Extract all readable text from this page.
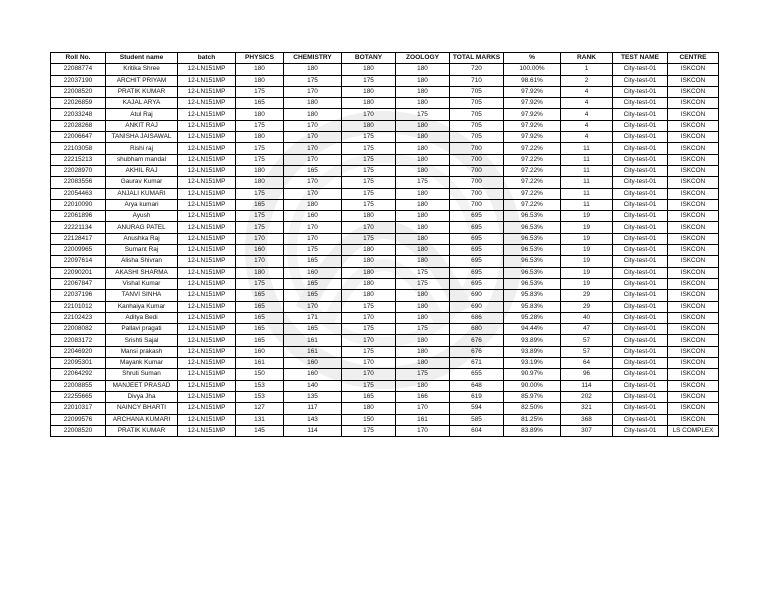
Roll No.	Student name	batch	PHYSICS	CHEMISTRY	BOTANY	ZOOLOGY	TOTAL MARKS	%	RANK	TEST NAME	CENTRE
22088774	Kritika Shree	12-LN151MP	180	180	180	180	720	100.00%	1	City-test-01	ISKCON
22037190	ARCHIT PRIYAM	12-LN151MP	180	175	175	180	710	98.61%	2	City-test-01	ISKCON
22008520	PRATIK KUMAR	12-LN151MP	175	170	180	180	705	97.92%	4	City-test-01	ISKCON
22026859	KAJAL ARYA	12-LN151MP	165	180	180	180	705	97.92%	4	City-test-01	ISKCON
22033248	Atul Raj	12-LN151MP	180	180	170	175	705	97.92%	4	City-test-01	ISKCON
22028268	ANKIT RAJ	12-LN151MP	175	170	180	180	705	97.92%	4	City-test-01	ISKCON
22006647	TANISHA JAISAWAL	12-LN151MP	180	170	175	180	705	97.92%	4	City-test-01	ISKCON
22103058	Rishi raj	12-LN151MP	175	170	175	180	700	97.22%	11	City-test-01	ISKCON
22215213	shubham mandal	12-LN151MP	175	170	175	180	700	97.22%	11	City-test-01	ISKCON
22028970	AKHIL RAJ	12-LN151MP	180	165	175	180	700	97.22%	11	City-test-01	ISKCON
22083556	Gaurav Kumar	12-LN151MP	180	170	175	175	700	97.22%	11	City-test-01	ISKCON
22054463	ANJALI KUMARI	12-LN151MP	175	170	175	180	700	97.22%	11	City-test-01	ISKCON
22010090	Arya kumari	12-LN151MP	165	180	175	180	700	97.22%	11	City-test-01	ISKCON
22061896	Ayush	12-LN151MP	175	160	180	180	695	96.53%	19	City-test-01	ISKCON
22221134	ANURAG PATEL	12-LN151MP	175	170	170	180	695	96.53%	19	City-test-01	ISKCON
22128417	Anushka Raj	12-LN151MP	170	170	175	180	695	96.53%	19	City-test-01	ISKCON
22009965	Sumant Raj	12-LN151MP	160	175	180	180	695	96.53%	19	City-test-01	ISKCON
22097614	Alisha Shivran	12-LN151MP	170	165	180	180	695	96.53%	19	City-test-01	ISKCON
22090201	AKASHI SHARMA	12-LN151MP	180	160	180	175	695	96.53%	19	City-test-01	ISKCON
22067847	Vishal Kumar	12-LN151MP	175	165	180	175	695	96.53%	19	City-test-01	ISKCON
22037196	TANVI SINHA	12-LN151MP	165	165	180	180	690	95.83%	29	City-test-01	ISKCON
22101012	Kanhaiya Kumar	12-LN151MP	165	170	175	180	690	95.83%	29	City-test-01	ISKCON
22102423	Aditya Bedi	12-LN151MP	165	171	170	180	686	95.28%	40	City-test-01	ISKCON
22008082	Pallavi pragati	12-LN151MP	165	165	175	175	680	94.44%	47	City-test-01	ISKCON
22083172	Srishti Sajal	12-LN151MP	165	161	170	180	676	93.89%	57	City-test-01	ISKCON
22046920	Mansi prakash	12-LN151MP	160	161	175	180	676	93.89%	57	City-test-01	ISKCON
22095301	Mayank Kumar	12-LN151MP	161	160	170	180	671	93.19%	64	City-test-01	ISKCON
22064292	Shruti Suman	12-LN151MP	150	160	170	175	655	90.97%	96	City-test-01	ISKCON
22008855	MANJEET PRASAD	12-LN151MP	153	140	175	180	648	90.00%	114	City-test-01	ISKCON
22255665	Divya Jha	12-LN151MP	153	135	165	166	619	85.97%	202	City-test-01	ISKCON
22010317	NAINCY BHARTI	12-LN151MP	127	117	180	170	594	82.50%	321	City-test-01	ISKCON
22099576	ARCHANA KUMARI	12-LN151MP	131	143	150	161	585	81.25%	368	City-test-01	ISKCON
22008520	PRATIK KUMAR	12-LN151MP	145	114	175	170	604	83.89%	307	City-test-01	LS COMPLEX
